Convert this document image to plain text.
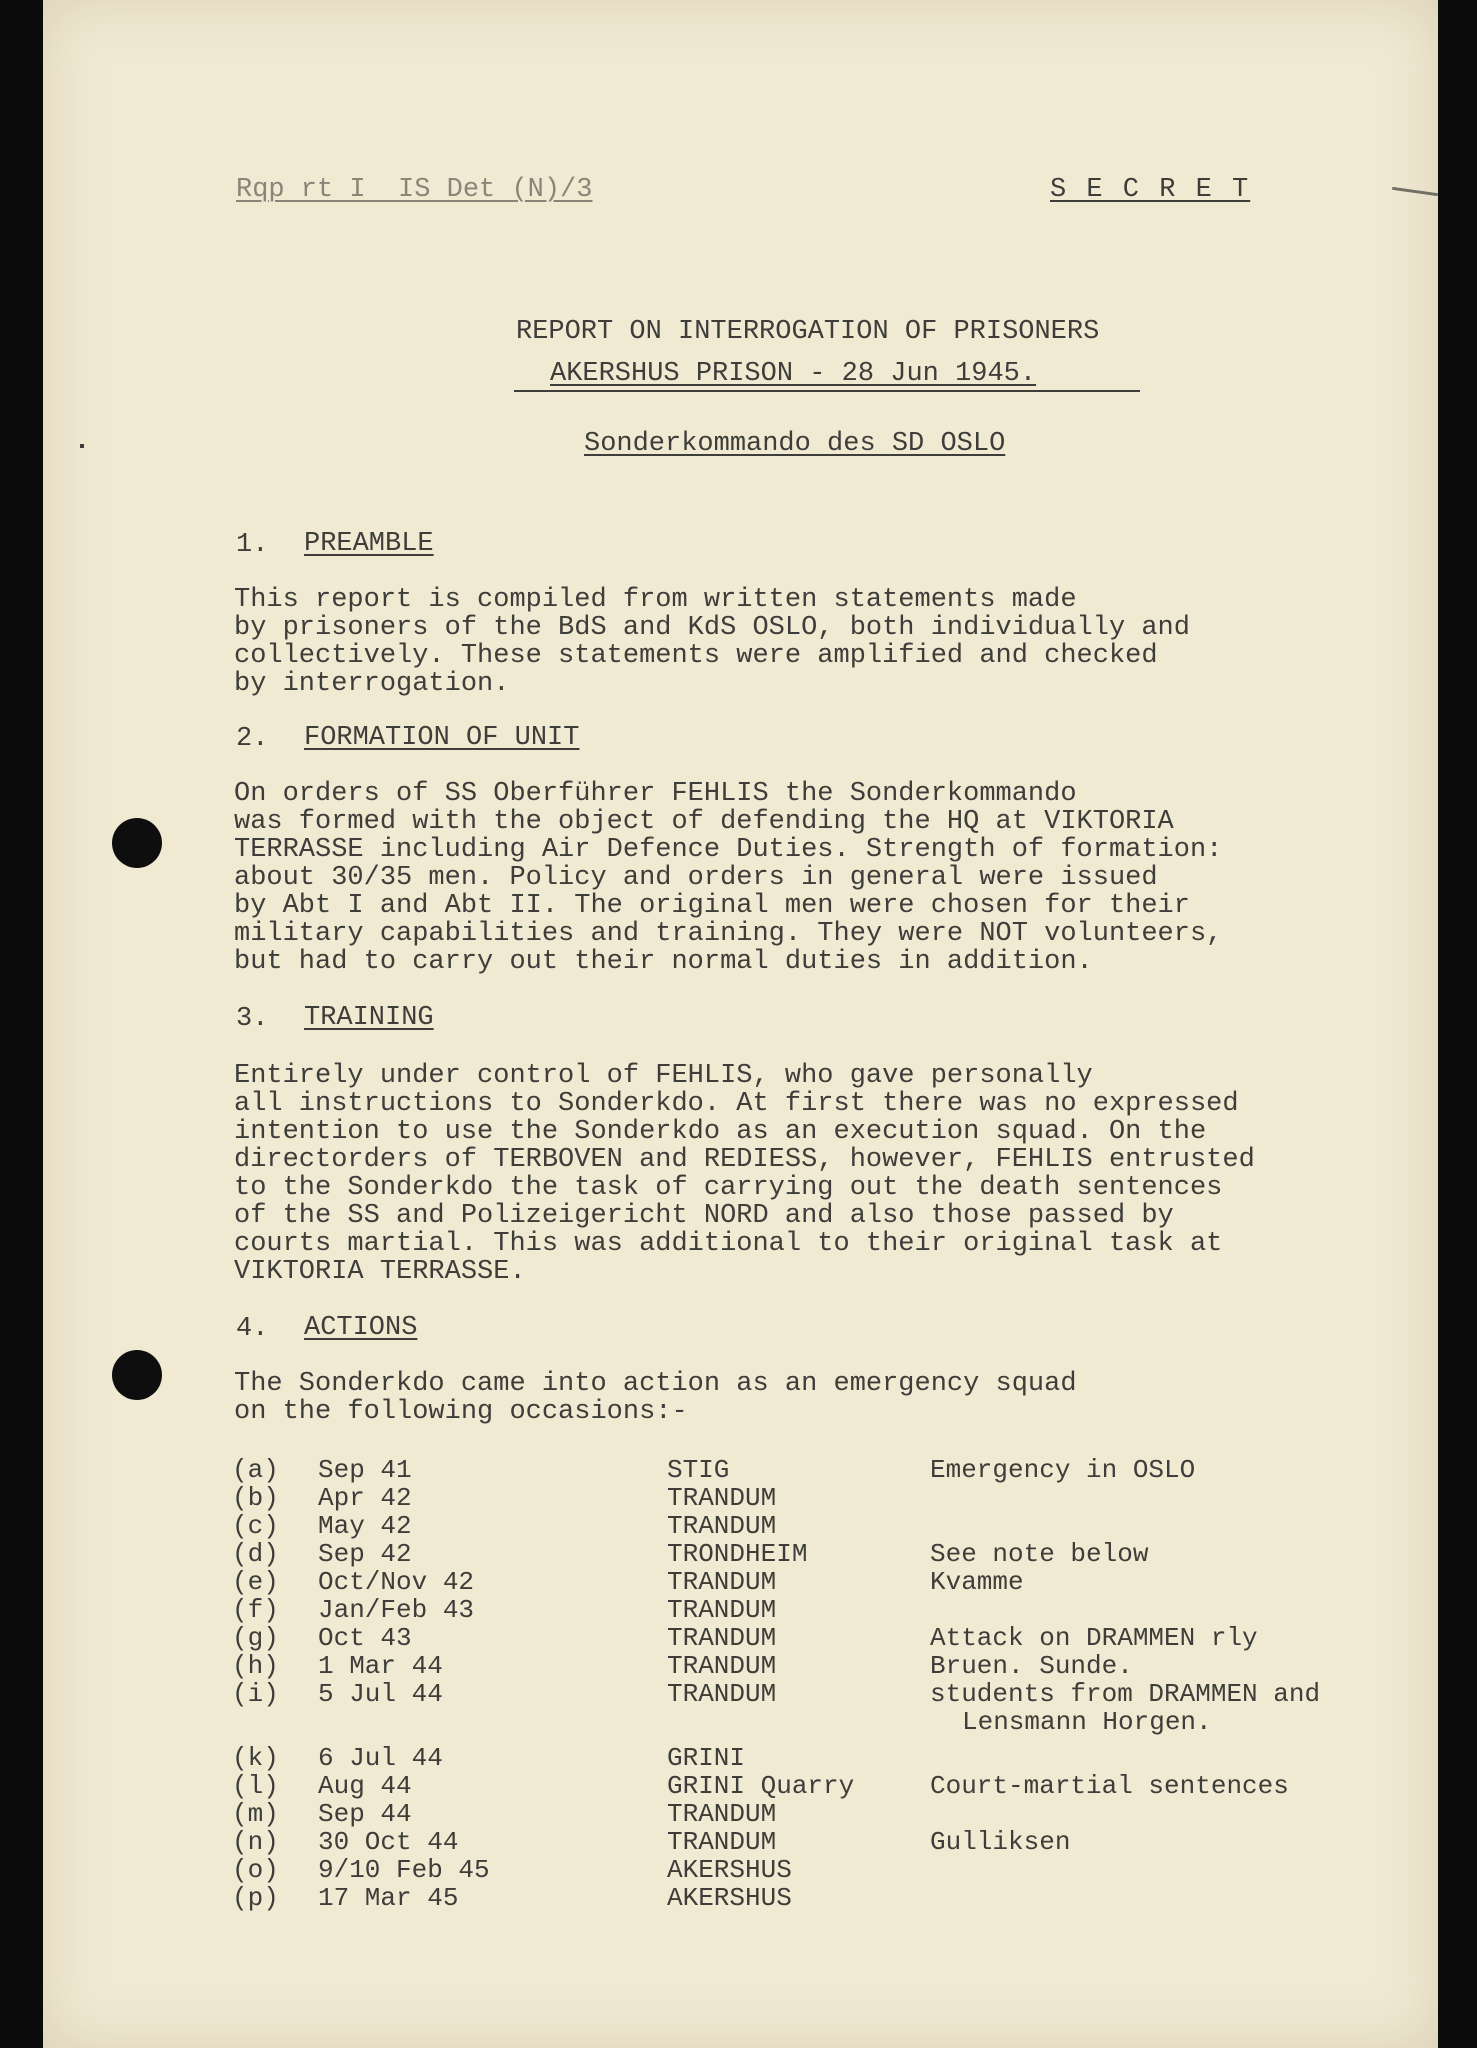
Rqp rt I  IS Det (N)/3	S E C R E T
REPORT ON INTERROGATION OF PRISONERS
AKERSHUS PRISON - 28 Jun 1945.
Sonderkommando des SD OSLO
1. PREAMBLE

This report is compiled from written statements made
by prisoners of the BdS and KdS OSLO, both individually and
collectively. These statements were amplified and checked
by interrogation.

2. FORMATION OF UNIT

On orders of SS Oberführer FEHLIS the Sonderkommando
was formed with the object of defending the HQ at VIKTORIA
TERRASSE including Air Defence Duties. Strength of formation:
about 30/35 men. Policy and orders in general were issued
by Abt I and Abt II. The original men were chosen for their
military capabilities and training. They were NOT volunteers,
but had to carry out their normal duties in addition.

3. TRAINING

Entirely under control of FEHLIS, who gave personally
all instructions to Sonderkdo. At first there was no expressed
intention to use the Sonderkdo as an execution squad. On the
directorders of TERBOVEN and REDIESS, however, FEHLIS entrusted
to the Sonderkdo the task of carrying out the death sentences
of the SS and Polizeigericht NORD and also those passed by
courts martial. This was additional to their original task at
VIKTORIA TERRASSE.

4. ACTIONS

The Sonderkdo came into action as an emergency squad
on the following occasions:-

(a) Sep 41	STIG	Emergency in OSLO
(b) Apr 42	TRANDUM
(c) May 42	TRANDUM
(d) Sep 42	TRONDHEIM	See note below
(e) Oct/Nov 42	TRANDUM	Kvamme
(f) Jan/Feb 43	TRANDUM
(g) Oct 43	TRANDUM	Attack on DRAMMEN rly
(h) 1 Mar 44	TRANDUM	Bruen. Sunde.
(i) 5 Jul 44	TRANDUM	students from DRAMMEN and
Lensmann Horgen.
(k) 6 Jul 44	GRINI
(l) Aug 44	GRINI Quarry	Court-martial sentences
(m) Sep 44	TRANDUM
(n) 30 Oct 44	TRANDUM	Gulliksen
(o) 9/10 Feb 45	AKERSHUS
(p) 17 Mar 45	AKERSHUS
